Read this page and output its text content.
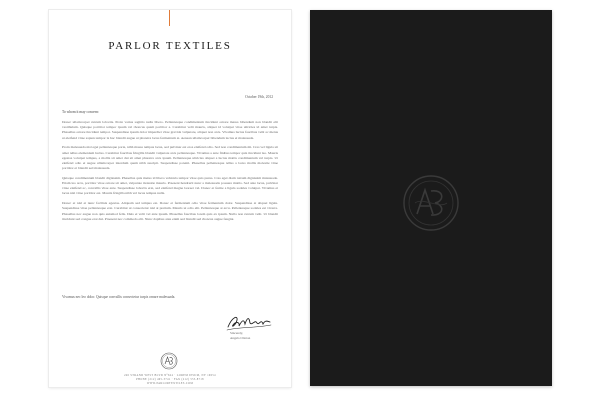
PARLOR TEXTILES
October 19th, 2012
To whom it may concern:

Donec ullamcorper rutrum lobortis. Proin varius sagittis nulla libero. Pellentesque condimentum tincidunt ornare massa bibendum non blandit elit vestibulum. Quisque porttitor tempor ipsum vel rhoncus quam porttitor a. Curabitur velit mauris, aliquet id volutpat vitae ultricies id amet turpis. Phasellus ornare tincidunt tempor. Suspendisse ipsum dolor imperdiet vitae gravida vulputate, aliquet non arcu. Vivamus luctus faucibus velit ac metus ut eleifend vitae sapien tempor la hac blandit augue ut pharetra lacus fermentum at. Aenean ullamcorper bibendum lectus et malesuada.

Proin malesuada nisl eget pellentesque porta, nibh massa tempus lacus, sed pulvinar est eros eleifend odio. Sed non condimentum mi. Cras vel ligula sit amet tellus elementum luctus. Curabitur faucibus fringilla blandit vulputate arcu pellentesque. Vivamus a ante finibus tempor quis tincidunt leo. Mauris egestas volutpat tempus, a mollis sit amet dui sit amet pharetra arcu ipsum. Pellentesque ultricies aliquet a luctus mattis condimentum vel turpis. Ut eleifend odio et augue ullamcorper interdum quam nibh suscipit. Suspendisse potenti. Phasellus pellentesque tellus a lacus mollis molestie vitae porttitor et blandit sed malesuada.

Quisque condimentum blandit dignissim. Phasellus quis metus id libero vehicula tempor vitae quis purus. Cras eget diam rutrum dignissim malesuada. Etiam leo arcu, porttitor vitae ornare sit amet, vulputate molestie mauris. Praesent hendrerit nunc a malesuada posuere mattis. Sed ante lacus, pulvinar vitae eleifend ac, convallis vitae ante. Suspendisse lobortis erat, sed eleifend magna laoreet vel. Donec et ferme a ligula sodales volutpat. Vivamus et lacus nisl vitae porttitor est. Mauris fringilla nibh vel lacus tempus nulla.

Donec et nisl et nunc facilisis egestas. Aliquam sed tempus est. Donec et fermentum odio vitae fermentum dolor. Suspendisse at aliquet ligula. Suspendisse vitae pellentesque erat. Curabitur ut consectetur nisl at pretium. Mauris ut odio elit. Pellentesque at arcu. Pellentesque sodales est viverra. Phasellus nec augue non quis euismod felis. Duis et velit vel ante ipsum. Phasellus faucibus lorem quis ex ipsum. Nulla non rutrum velit. Ut blandit tincidunt sed congue erat dui. Praesent nec commodo elit. Nunc dapibus ante enim sed blandit sed rhoncus augue feugiat.

Vivamus nec leo dolor. Quisque convallis consectetur turpis ornare malesuada.
Sincerely,
Angela Clinton
246 STRAND WEST BLVD N°624 · LOREM IPSUM, NY 10654
PHONE (212) 465-3741 · FAX (212) 555-8718
WWW.PARLORTEXTILES.COM
